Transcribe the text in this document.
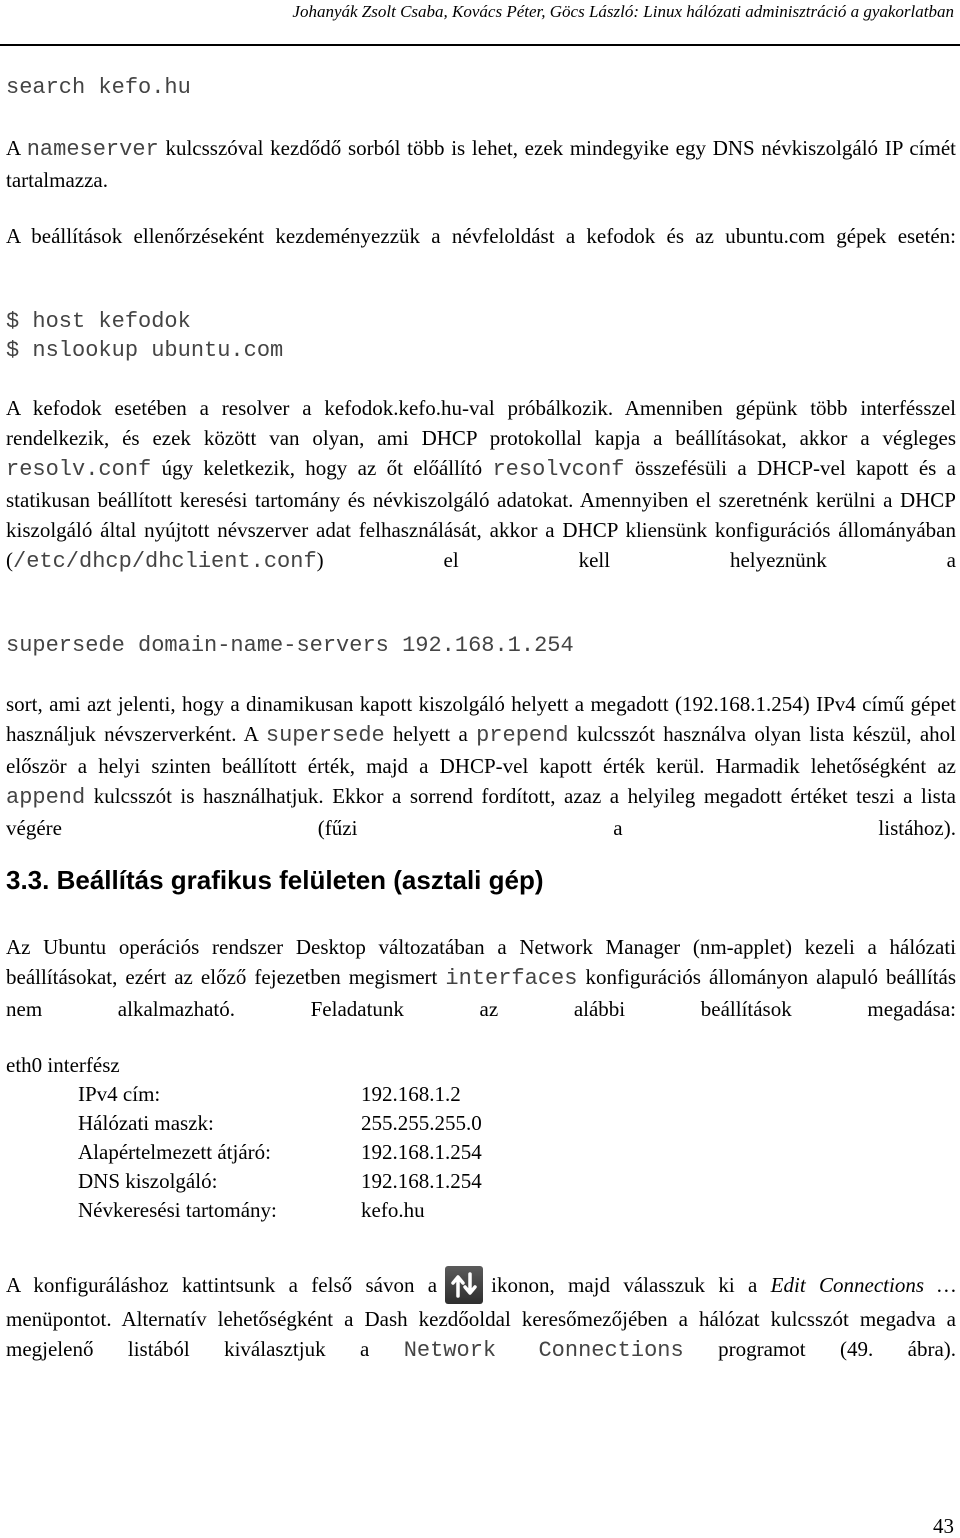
Johanyák Zsolt Csaba, Kovács Péter, Göcs László: Linux hálózati adminisztráció a gyakorlatban
search kefo.hu
A nameserver kulcsszóval kezdődő sorból több is lehet, ezek mindegyike egy DNS névkiszolgáló IP címét tartalmazza.
A beállítások ellenőrzéseként kezdeményezzük a névfeloldást a kefodok és az ubuntu.com gépek esetén:
$ host kefodok
$ nslookup ubuntu.com
A kefodok esetében a resolver a kefodok.kefo.hu-val próbálkozik. Amenniben gépünk több interfésszel rendelkezik, és ezek között van olyan, ami DHCP protokollal kapja a beállításokat, akkor a végleges resolv.conf úgy keletkezik, hogy az őt előállító resolvconf összefésüli a DHCP-vel kapott és a statikusan beállított keresési tartomány és névkiszolgáló adatokat. Amennyiben el szeretnénk kerülni a DHCP kiszolgáló által nyújtott névszerver adat felhasználását, akkor a DHCP kliensünk konfigurációs állományában (/etc/dhcp/dhclient.conf) el kell helyeznünk a
supersede domain-name-servers 192.168.1.254
sort, ami azt jelenti, hogy a dinamikusan kapott kiszolgáló helyett a megadott (192.168.1.254) IPv4 című gépet használjuk névszerverként. A supersede helyett a prepend kulcsszót használva olyan lista készül, ahol először a helyi szinten beállított érték, majd a DHCP-vel kapott érték kerül. Harmadik lehetőségként az append kulcsszót is használhatjuk. Ekkor a sorrend fordított, azaz a helyileg megadott értéket teszi a lista végére (fűzi a listához).
3.3. Beállítás grafikus felületen (asztali gép)
Az Ubuntu operációs rendszer Desktop változatában a Network Manager (nm-applet) kezeli a hálózati beállításokat, ezért az előző fejezetben megismert interfaces konfigurációs állományon alapuló beállítás nem alkalmazható. Feladatunk az alábbi beállítások megadása:
eth0 interfész
IPv4 cím:	192.168.1.2
Hálózati maszk:	255.255.255.0
Alapértelmezett átjáró:	192.168.1.254
DNS kiszolgáló:	192.168.1.254
Névkeresési tartomány:	kefo.hu
A konfiguráláshoz kattintsunk a felső sávon a	ikonon, majd válasszuk ki a Edit Connections … menüpontot. Alternatív lehetőségként a Dash kezdőoldal keresőmezőjében a hálózat kulcsszót megadva a megjelenő listából kiválasztjuk a Network Connections programot (49. ábra).
43
